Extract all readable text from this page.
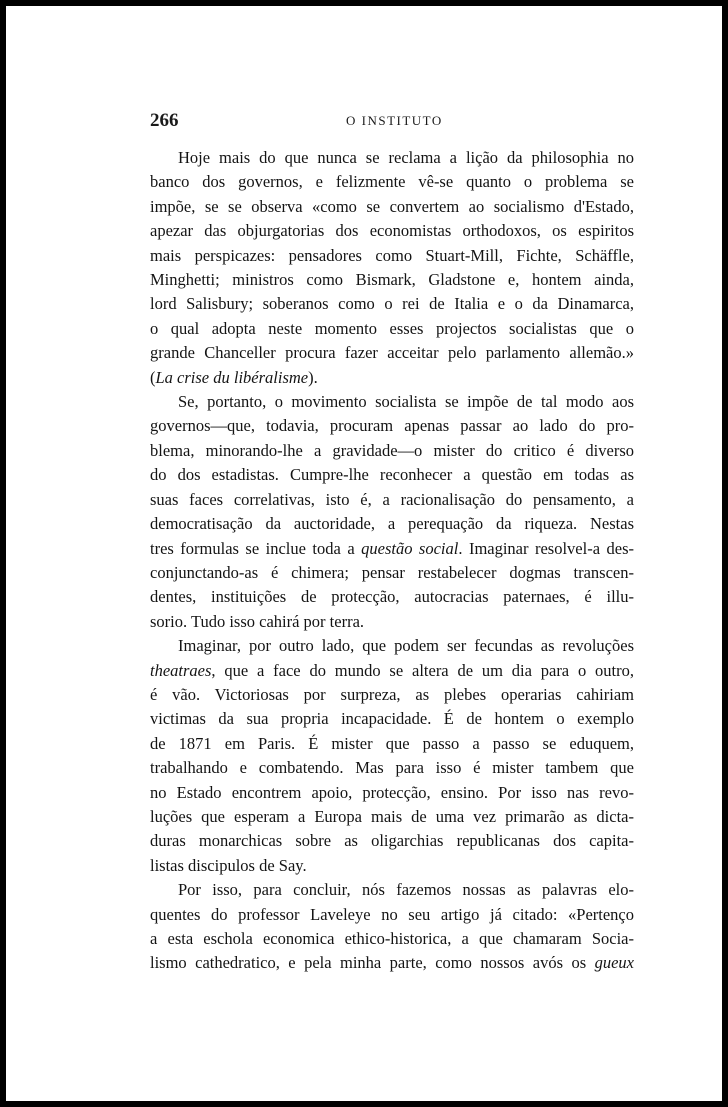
266	O INSTITUTO
Hoje mais do que nunca se reclama a lição da philosophia no
banco dos governos, e felizmente vê-se quanto o problema se
impõe, se se observa «como se convertem ao socialismo d'Estado,
apezar das objurgatorias dos economistas orthodoxos, os espiritos
mais perspicazes: pensadores como Stuart-Mill, Fichte, Schäffle,
Minghetti; ministros como Bismark, Gladstone e, hontem ainda,
lord Salisbury; soberanos como o rei de Italia e o da Dinamarca,
o qual adopta neste momento esses projectos socialistas que o
grande Chanceller procura fazer acceitar pelo parlamento allemão.»
(La crise du libéralisme).
Se, portanto, o movimento socialista se impõe de tal modo aos
governos—que, todavia, procuram apenas passar ao lado do pro-
blema, minorando-lhe a gravidade—o mister do critico é diverso
do dos estadistas. Cumpre-lhe reconhecer a questão em todas as
suas faces correlativas, isto é, a racionalisação do pensamento, a
democratisação da auctoridade, a perequação da riqueza. Nestas
tres formulas se inclue toda a questão social. Imaginar resolvel-a des-
conjunctando-as é chimera; pensar restabelecer dogmas transcen-
dentes, instituições de protecção, autocracias paternaes, é illu-
sorio. Tudo isso cahirá por terra.
Imaginar, por outro lado, que podem ser fecundas as revoluções
theatraes, que a face do mundo se altera de um dia para o outro,
é vão. Victoriosas por surpreza, as plebes operarias cahiriam
victimas da sua propria incapacidade. É de hontem o exemplo
de 1871 em Paris. É mister que passo a passo se eduquem,
trabalhando e combatendo. Mas para isso é mister tambem que
no Estado encontrem apoio, protecção, ensino. Por isso nas revo-
luções que esperam a Europa mais de uma vez primarão as dicta-
duras monarchicas sobre as oligarchias republicanas dos capita-
listas discipulos de Say.
Por isso, para concluir, nós fazemos nossas as palavras elo-
quentes do professor Laveleye no seu artigo já citado: «Pertenço
a esta eschola economica ethico-historica, a que chamaram Socia-
lismo cathedratico, e pela minha parte, como nossos avós os gueux
